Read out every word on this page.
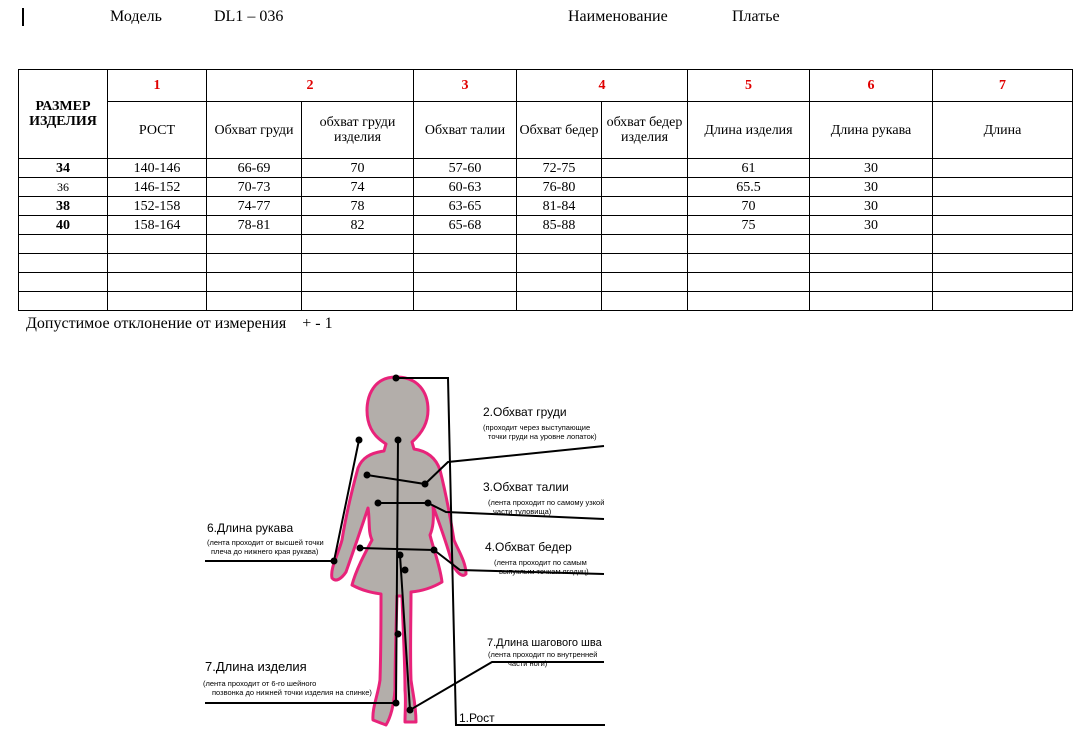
Модель	DL1 – 036	Наименование	Платье
РАЗМЕР ИЗДЕЛИЯ	1	2		3	4		5	6	7
	РОСТ	Обхват груди	обхват груди изделия	Обхват талии	Обхват бедер	обхват бедер изделия	Длина изделия	Длина рукава	Длина
34	140-146	66-69	70	57-60	72-75		61	30	
36	146-152	70-73	74	60-63	76-80		65.5	30	
38	152-158	74-77	78	63-65	81-84		70	30	
40	158-164	78-81	82	65-68	85-88		75	30	

Допустимое отклонение от измерения    + - 1
2.Обхват груди
(проходит через выступающие
точки груди на уровне лопаток)
3.Обхват талии
(лента проходит по самому узкой
части туловища)
6.Длина рукава
(лента проходит от высшей точки
плеча до нижнего края рукава)	4.Обхват бедер
(лента проходит по самым
выпуклым точкам ягодиц)
7.Длина шагового шва
(лента проходит по внутренней
части ноги)
7.Длина изделия
(лента проходит от 6-го шейного
позвонка до нижней точки изделия на спинке)
1.Рост
